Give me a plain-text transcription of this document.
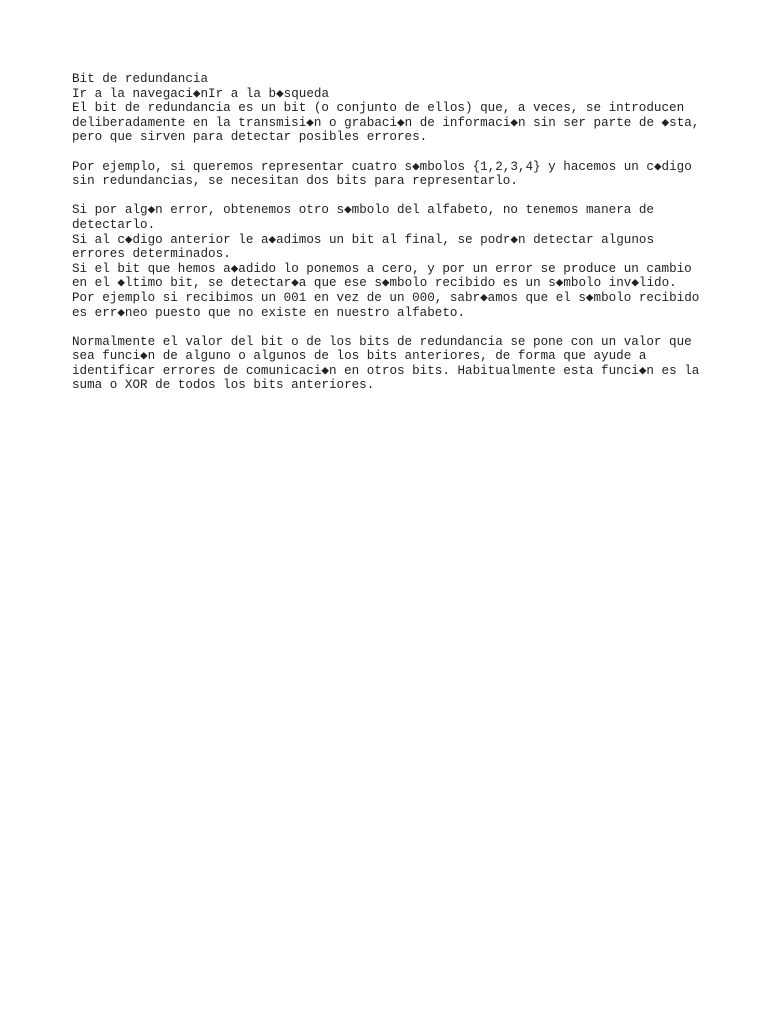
Bit de redundancia
Ir a la navegaci◆nIr a la b◆squeda
El bit de redundancia es un bit (o conjunto de ellos) que, a veces, se introducen
deliberadamente en la transmisi◆n o grabaci◆n de informaci◆n sin ser parte de ◆sta,
pero que sirven para detectar posibles errores.
Por ejemplo, si queremos representar cuatro s◆mbolos {1,2,3,4} y hacemos un c◆digo
sin redundancias, se necesitan dos bits para representarlo.
Si por alg◆n error, obtenemos otro s◆mbolo del alfabeto, no tenemos manera de
detectarlo.
Si al c◆digo anterior le a◆adimos un bit al final, se podr◆n detectar algunos
errores determinados.
Si el bit que hemos a◆adido lo ponemos a cero, y por un error se produce un cambio
en el ◆ltimo bit, se detectar◆a que ese s◆mbolo recibido es un s◆mbolo inv◆lido.
Por ejemplo si recibimos un 001 en vez de un 000, sabr◆amos que el s◆mbolo recibido
es err◆neo puesto que no existe en nuestro alfabeto.
Normalmente el valor del bit o de los bits de redundancia se pone con un valor que
sea funci◆n de alguno o algunos de los bits anteriores, de forma que ayude a
identificar errores de comunicaci◆n en otros bits. Habitualmente esta funci◆n es la
suma o XOR de todos los bits anteriores.
